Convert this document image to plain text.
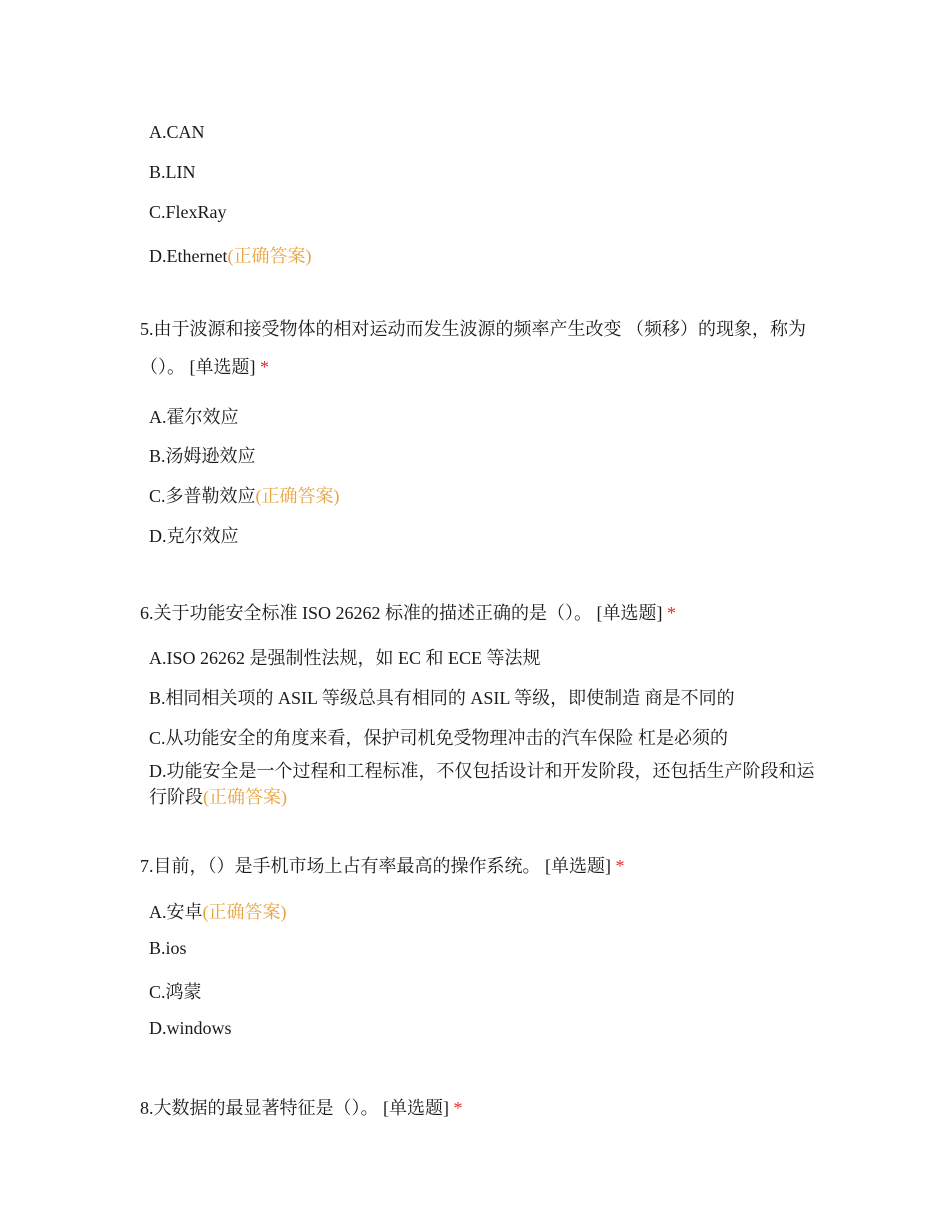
A.CAN
B.LIN
C.FlexRay
D.Ethernet(正确答案)
5.由于波源和接受物体的相对运动而发生波源的频率产生改变 （频移）的现象，称为（）。 [单选题] *
A.霍尔效应
B.汤姆逊效应
C.多普勒效应(正确答案)
D.克尔效应
6.关于功能安全标准 ISO 26262 标准的描述正确的是（）。 [单选题] *
A.ISO 26262 是强制性法规，如 EC 和 ECE 等法规
B.相同相关项的 ASIL 等级总具有相同的 ASIL 等级，即使制造 商是不同的
C.从功能安全的角度来看，保护司机免受物理冲击的汽车保险 杠是必须的
D.功能安全是一个过程和工程标准，不仅包括设计和开发阶段，还包括生产阶段和运行阶段(正确答案)
7.目前，（）是手机市场上占有率最高的操作系统。 [单选题] *
A.安卓(正确答案)
B.ios
C.鸿蒙
D.windows
8.大数据的最显著特征是（）。 [单选题] *
